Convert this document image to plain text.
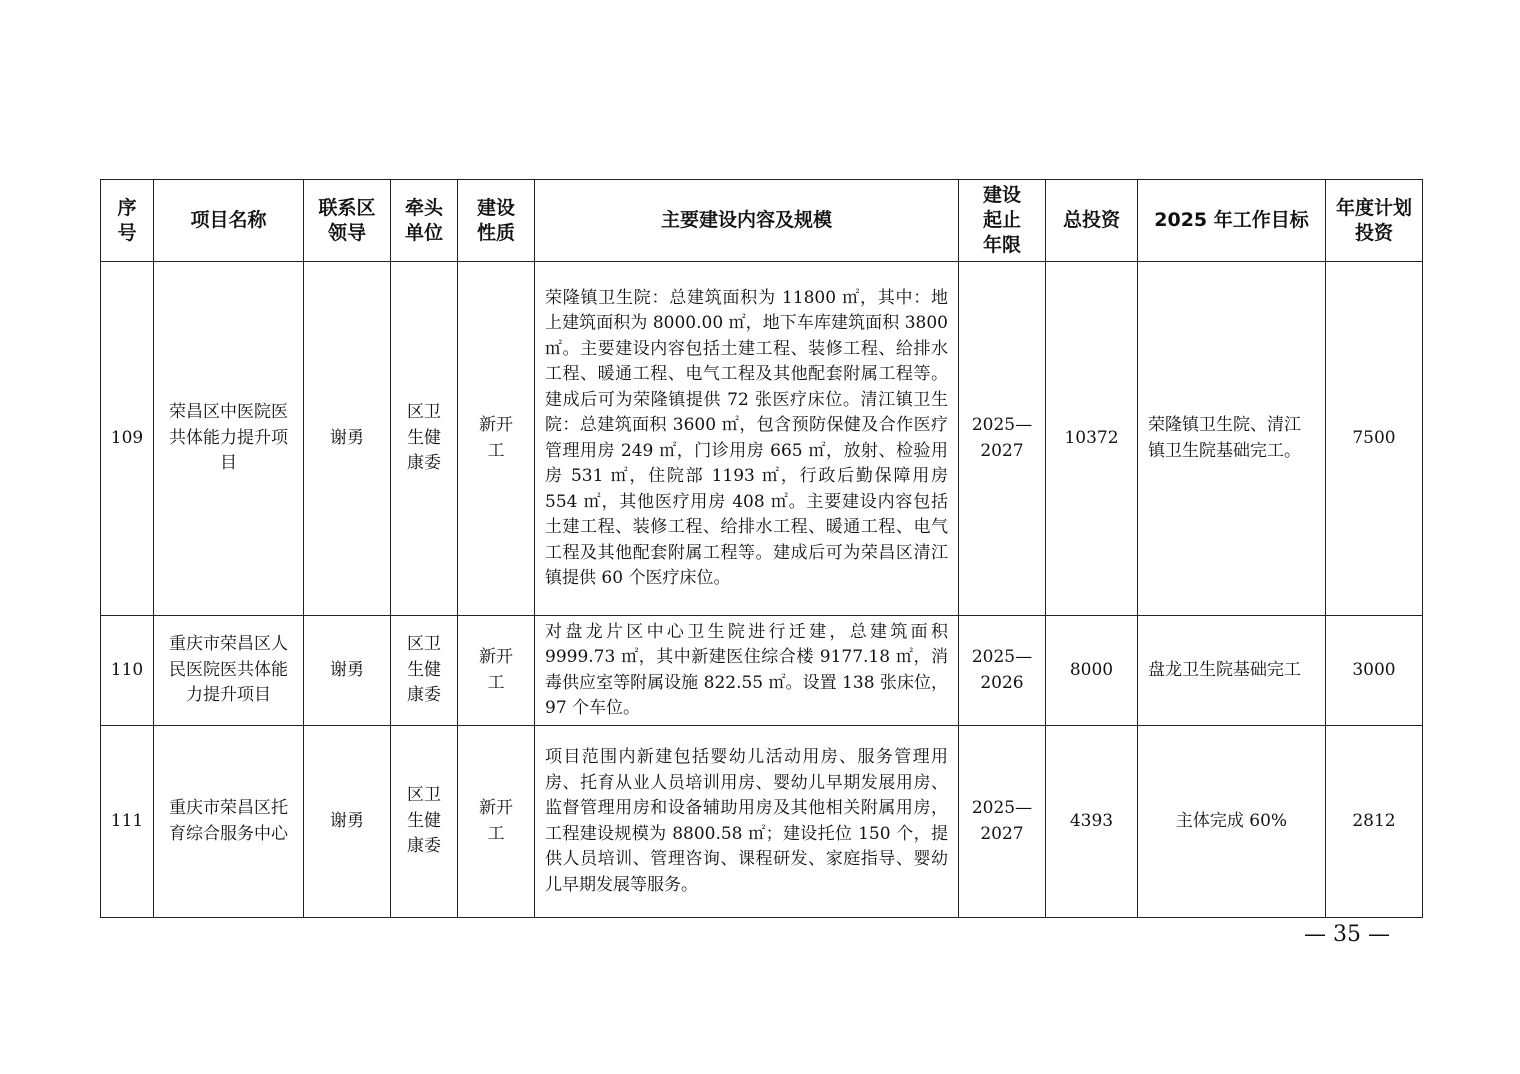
序号	项目名称	联系区领导	牵头单位	建设性质	主要建设内容及规模	建设起止年限	总投资	2025 年工作目标	年度计划投资
109	荣昌区中医院医共体能力提升项目	谢勇	区卫生健康委	新开工	荣隆镇卫生院：总建筑面积为 11800 ㎡，其中：地上建筑面积为 8000.00 ㎡，地下车库建筑面积 3800 ㎡。主要建设内容包括土建工程、装修工程、给排水工程、暖通工程、电气工程及其他配套附属工程等。建成后可为荣隆镇提供 72 张医疗床位。清江镇卫生院：总建筑面积 3600 ㎡，包含预防保健及合作医疗管理用房 249 ㎡，门诊用房 665 ㎡，放射、检验用房 531 ㎡，住院部 1193 ㎡，行政后勤保障用房 554 ㎡，其他医疗用房 408 ㎡。主要建设内容包括土建工程、装修工程、给排水工程、暖通工程、电气工程及其他配套附属工程等。建成后可为荣昌区清江镇提供 60 个医疗床位。	2025—2027	10372	荣隆镇卫生院、清江镇卫生院基础完工。	7500
110	重庆市荣昌区人民医院医共体能力提升项目	谢勇	区卫生健康委	新开工	对盘龙片区中心卫生院进行迁建，总建筑面积 9999.73 ㎡，其中新建医住综合楼 9177.18 ㎡，消毒供应室等附属设施 822.55 ㎡。设置 138 张床位，97 个车位。	2025—2026	8000	盘龙卫生院基础完工	3000
111	重庆市荣昌区托育综合服务中心	谢勇	区卫生健康委	新开工	项目范围内新建包括婴幼儿活动用房、服务管理用房、托育从业人员培训用房、婴幼儿早期发展用房、监督管理用房和设备辅助用房及其他相关附属用房，工程建设规模为 8800.58 ㎡；建设托位 150 个，提供人员培训、管理咨询、课程研发、家庭指导、婴幼儿早期发展等服务。	2025—2027	4393	主体完成 60%	2812
— 35 —
